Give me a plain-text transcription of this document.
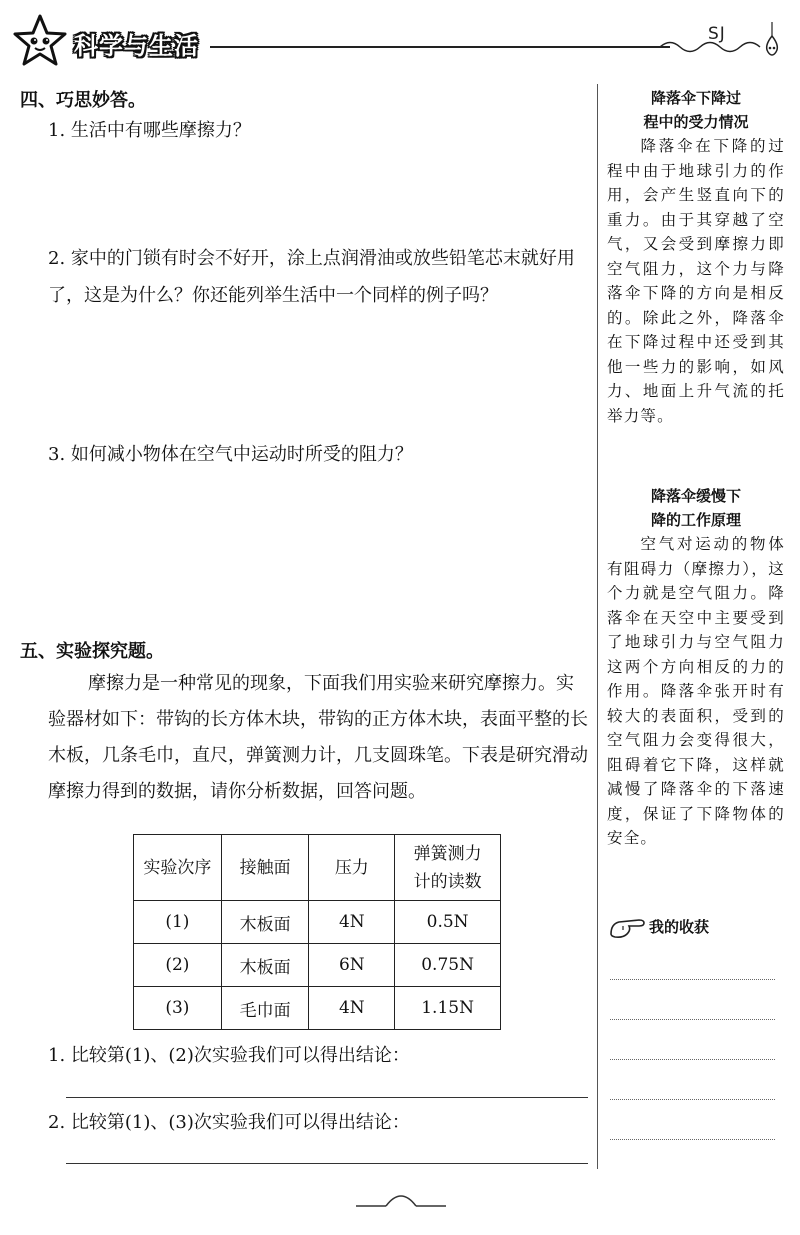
科学与生活	SJ
四、巧思妙答。
1. 生活中有哪些摩擦力？
2. 家中的门锁有时会不好开，涂上点润滑油或放些铅笔芯末就好用了，这是为什么？你还能列举生活中一个同样的例子吗？
3. 如何减小物体在空气中运动时所受的阻力？
五、实验探究题。
摩擦力是一种常见的现象，下面我们用实验来研究摩擦力。实验器材如下：带钩的长方体木块，带钩的正方体木块，表面平整的长木板，几条毛巾，直尺，弹簧测力计，几支圆珠笔。下表是研究滑动摩擦力得到的数据，请你分析数据，回答问题。
实验次序	接触面	压力	弹簧测力计的读数
(1)	木板面	4N	0.5N
(2)	木板面	6N	0.75N
(3)	毛巾面	4N	1.15N
1. 比较第(1)、(2)次实验我们可以得出结论：
2. 比较第(1)、(3)次实验我们可以得出结论：
降落伞下降过
程中的受力情况
降落伞在下降的过程中由于地球引力的作用，会产生竖直向下的重力。由于其穿越了空气，又会受到摩擦力即空气阻力，这个力与降落伞下降的方向是相反的。除此之外，降落伞在下降过程中还受到其他一些力的影响，如风力、地面上升气流的托举力等。
降落伞缓慢下
降的工作原理
空气对运动的物体有阻碍力（摩擦力），这个力就是空气阻力。降落伞在天空中主要受到了地球引力与空气阻力这两个方向相反的力的作用。降落伞张开时有较大的表面积，受到的空气阻力会变得很大，阻碍着它下降，这样就减慢了降落伞的下落速度，保证了下降物体的安全。
我的收获
